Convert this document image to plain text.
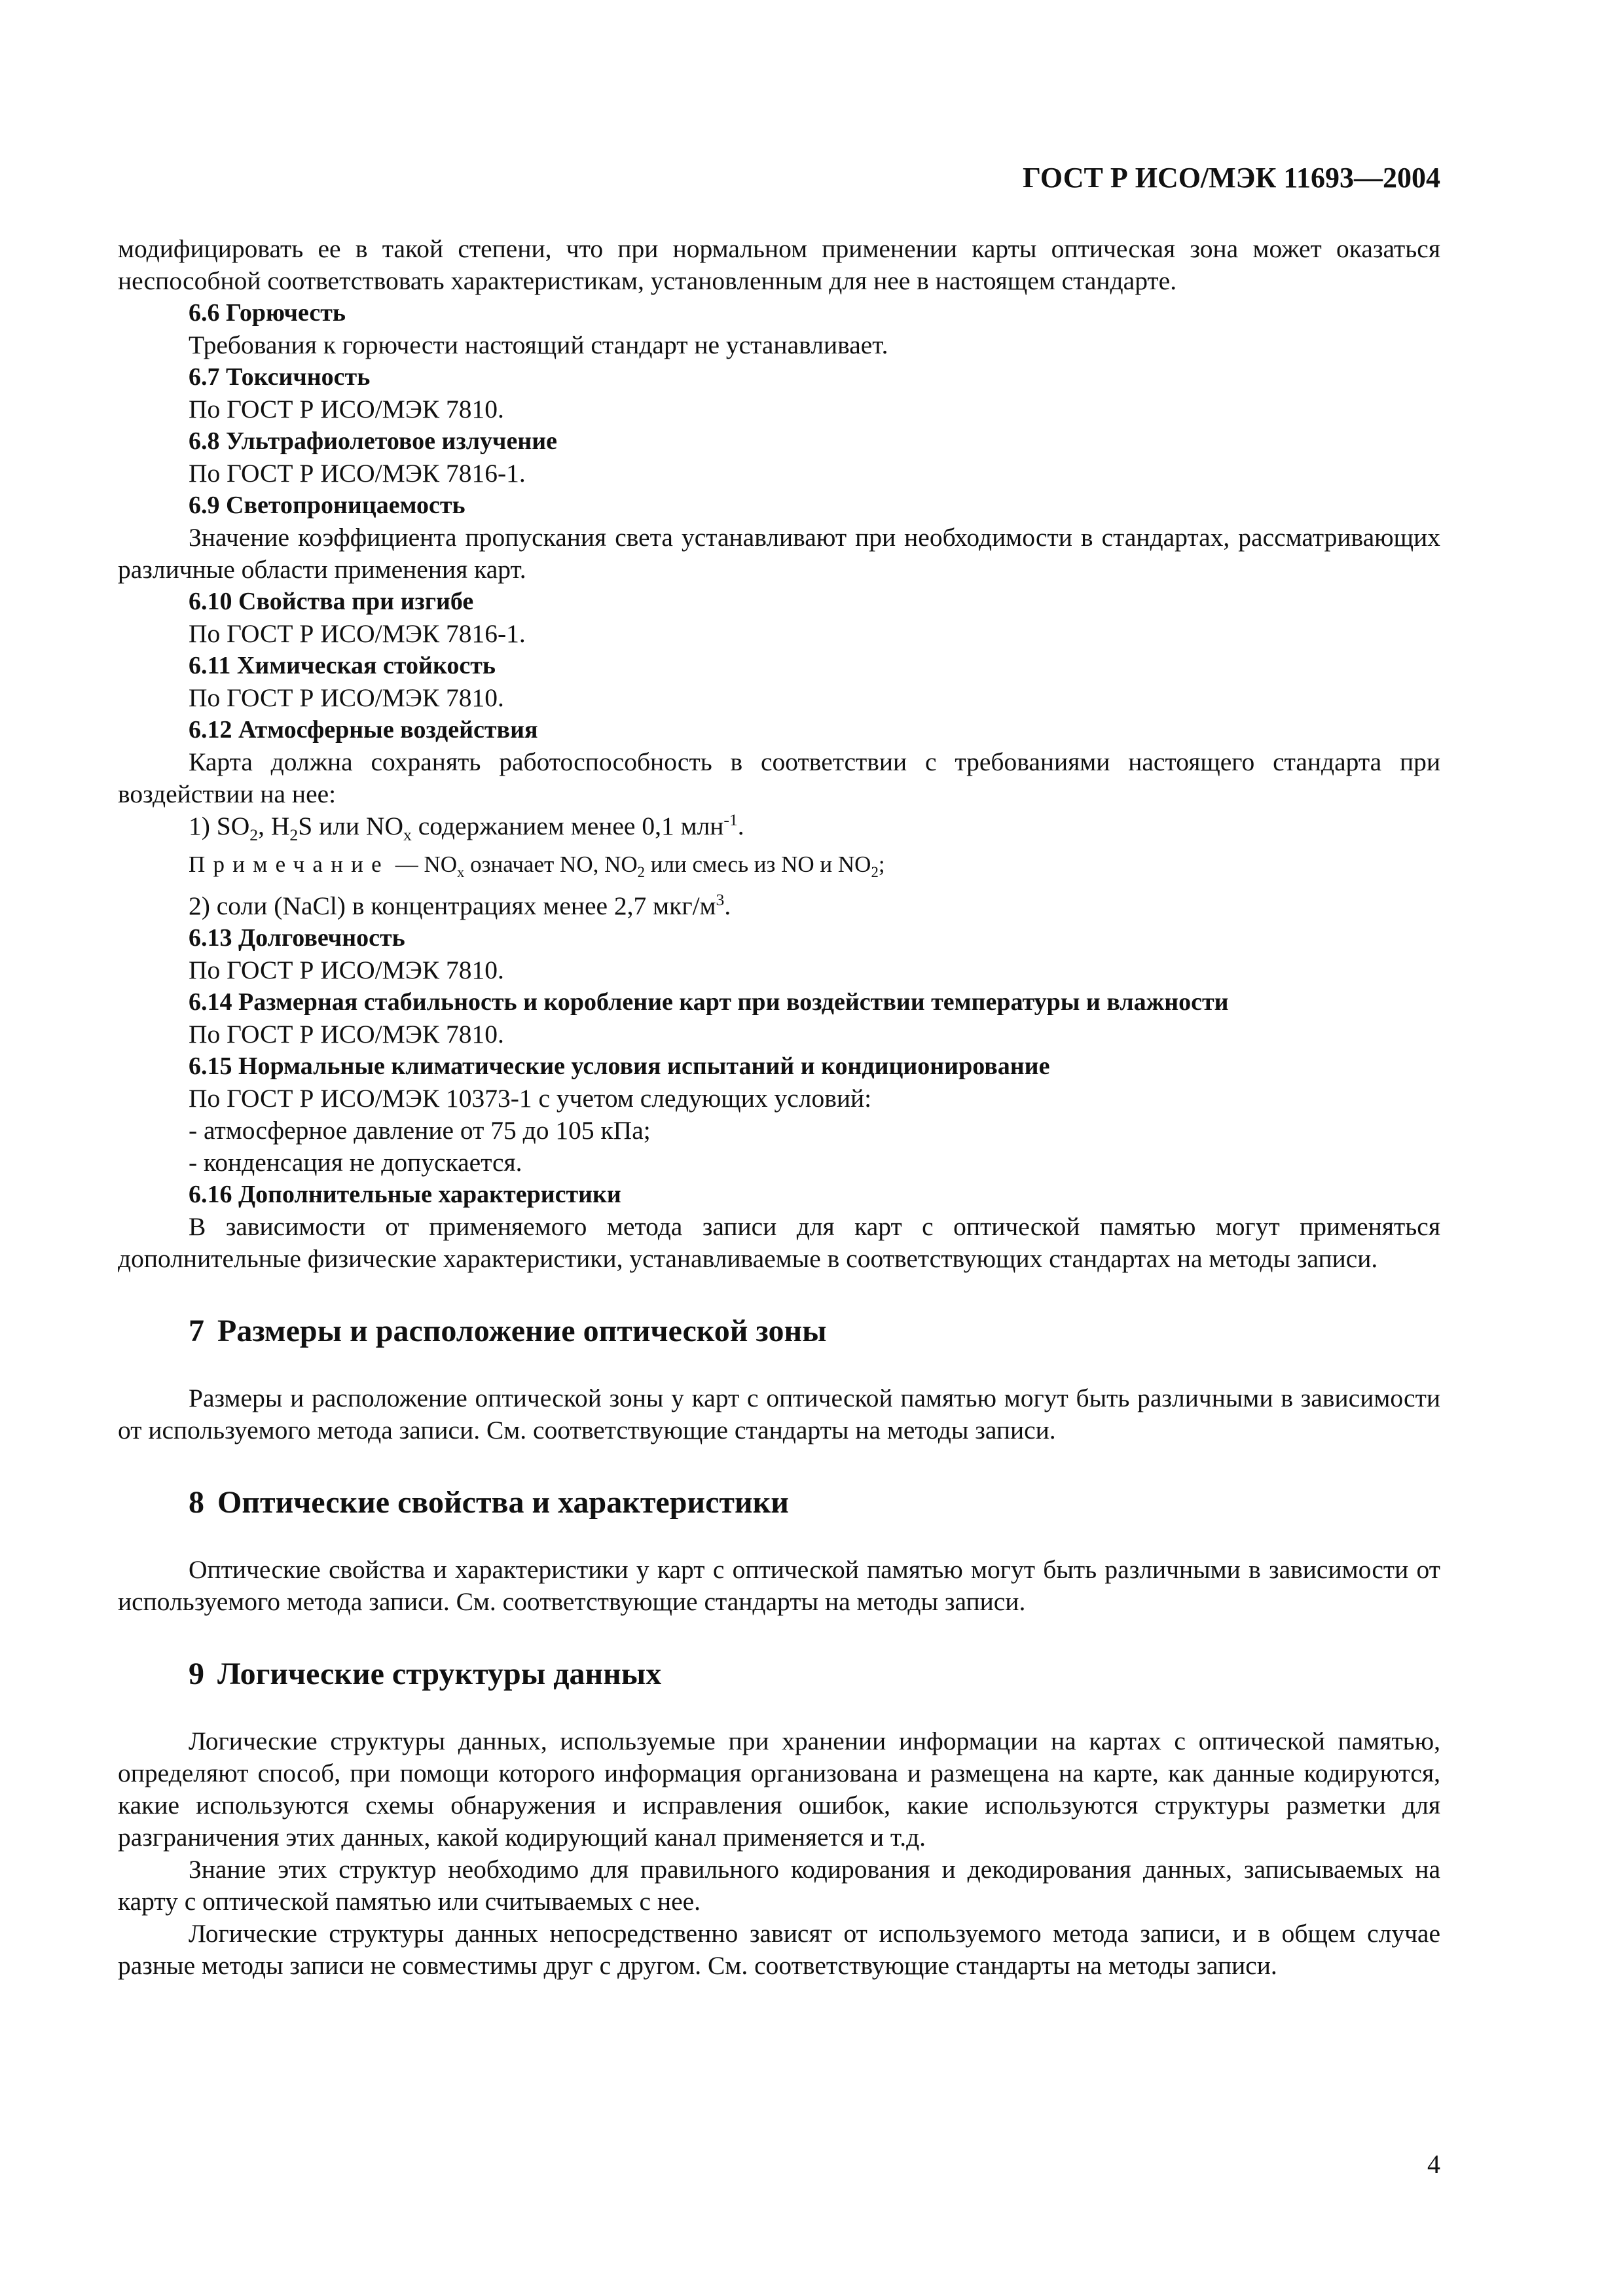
ГОСТ Р ИСО/МЭК 11693—2004

модифицировать ее в такой степени, что при нормальном применении карты оптическая зона может оказаться неспособной соответствовать характеристикам, установленным для нее в настоящем стандарте.

6.6 Горючесть

Требования к горючести настоящий стандарт не устанавливает.

6.7 Токсичность

По ГОСТ Р ИСО/МЭК 7810.

6.8 Ультрафиолетовое излучение

По ГОСТ Р ИСО/МЭК 7816-1.

6.9 Светопроницаемость

Значение коэффициента пропускания света устанавливают при необходимости в стандартах, рассматривающих различные области применения карт.

6.10 Свойства при изгибе

По ГОСТ Р ИСО/МЭК 7816-1.

6.11 Химическая стойкость

По ГОСТ Р ИСО/МЭК 7810.

6.12 Атмосферные воздействия

Карта должна сохранять работоспособность в соответствии с требованиями настоящего стандарта при воздействии на нее:

1) $SO_2$, $H_2S$ или $NO_x$ содержанием менее 0,1 млн$^{-1}$.

Примечание — $NO_x$ означает NO, $NO_2$ или смесь из NO и $NO_2$;

2) соли (NaCl) в концентрациях менее 2,7 мкг/$м^3$.

6.13 Долговечность

По ГОСТ Р ИСО/МЭК 7810.

6.14 Размерная стабильность и коробление карт при воздействии температуры и влажности

По ГОСТ Р ИСО/МЭК 7810.

6.15 Нормальные климатические условия испытаний и кондиционирование

По ГОСТ Р ИСО/МЭК 10373-1 с учетом следующих условий:

- атмосферное давление от 75 до 105 кПа;

- конденсация не допускается.

6.16 Дополнительные характеристики

В зависимости от применяемого метода записи для карт с оптической памятью могут применяться дополнительные физические характеристики, устанавливаемые в соответствующих стандартах на методы записи.

7 Размеры и расположение оптической зоны

Размеры и расположение оптической зоны у карт с оптической памятью могут быть различными в зависимости от используемого метода записи. См. соответствующие стандарты на методы записи.

8 Оптические свойства и характеристики

Оптические свойства и характеристики у карт с оптической памятью могут быть различными в зависимости от используемого метода записи. См. соответствующие стандарты на методы записи.

9 Логические структуры данных

Логические структуры данных, используемые при хранении информации на картах с оптической памятью, определяют способ, при помощи которого информация организована и размещена на карте, как данные кодируются, какие используются схемы обнаружения и исправления ошибок, какие используются структуры разметки для разграничения этих данных, какой кодирующий канал применяется и т.д.

Знание этих структур необходимо для правильного кодирования и декодирования данных, записываемых на карту с оптической памятью или считываемых с нее.

Логические структуры данных непосредственно зависят от используемого метода записи, и в общем случае разные методы записи не совместимы друг с другом. См. соответствующие стандарты на методы записи.

4
